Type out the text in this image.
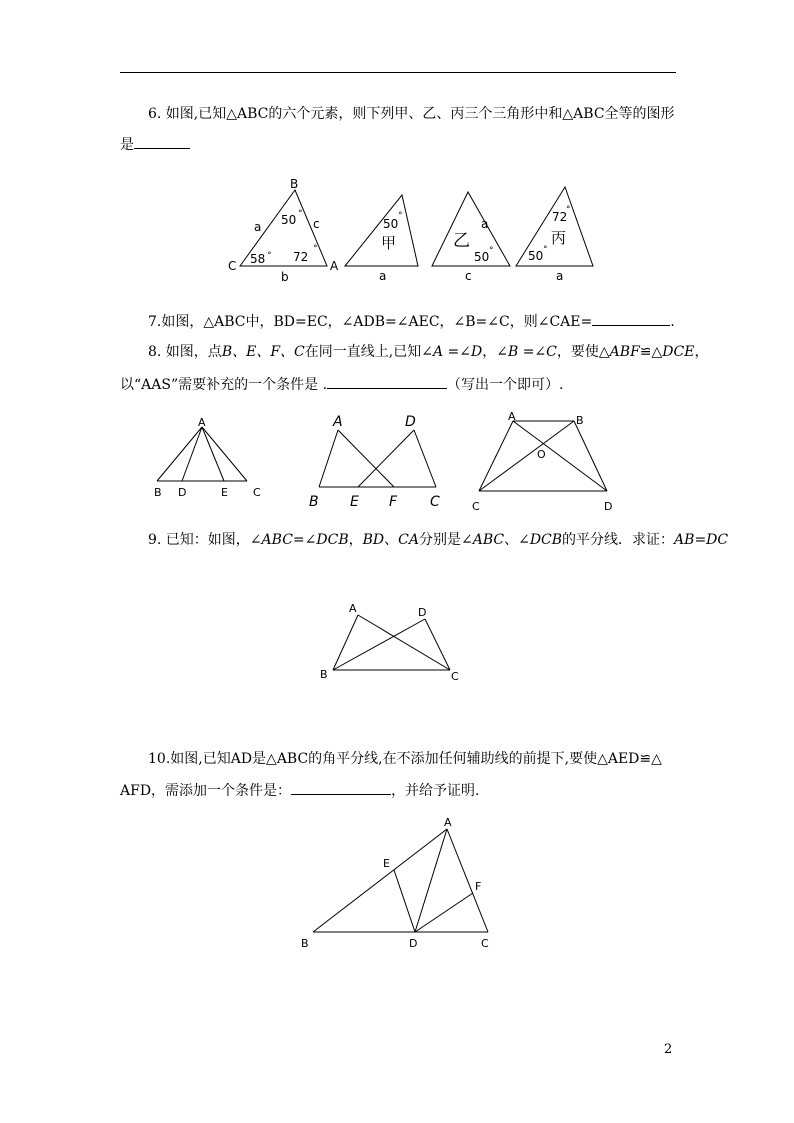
6. 如图,已知△ABC的六个元素，则下列甲、乙、丙三个三角形中和△ABC全等的图形
是
B
C	A
a	c
b
50
58 72
°
°
°
50
°
甲
a
乙
a
50 °
c
72
°
丙
50 °
a
7.如图，△ABC中，BD=EC，∠ADB=∠AEC，∠B=∠C，则∠CAE=	.
8. 如图，点B、E、F、C在同一直线上,已知∠A =∠D，∠B =∠C，要使△ABF≌△DCE，
以“AAS”需要补充的一个条件是 .	（写出一个即可）.
A
B D	E C
A	D
B E F C
A	B
O
C	D
9. 已知：如图，∠ABC=∠DCB，BD、CA分别是∠ABC、∠DCB的平分线．求证：AB=DC
A	D
B	C
10.如图,已知AD是△ABC的角平分线,在不添加任何辅助线的前提下,要使△AED≌△
AFD，需添加一个条件是：	，并给予证明.
A
E
F
B	D	C
2
